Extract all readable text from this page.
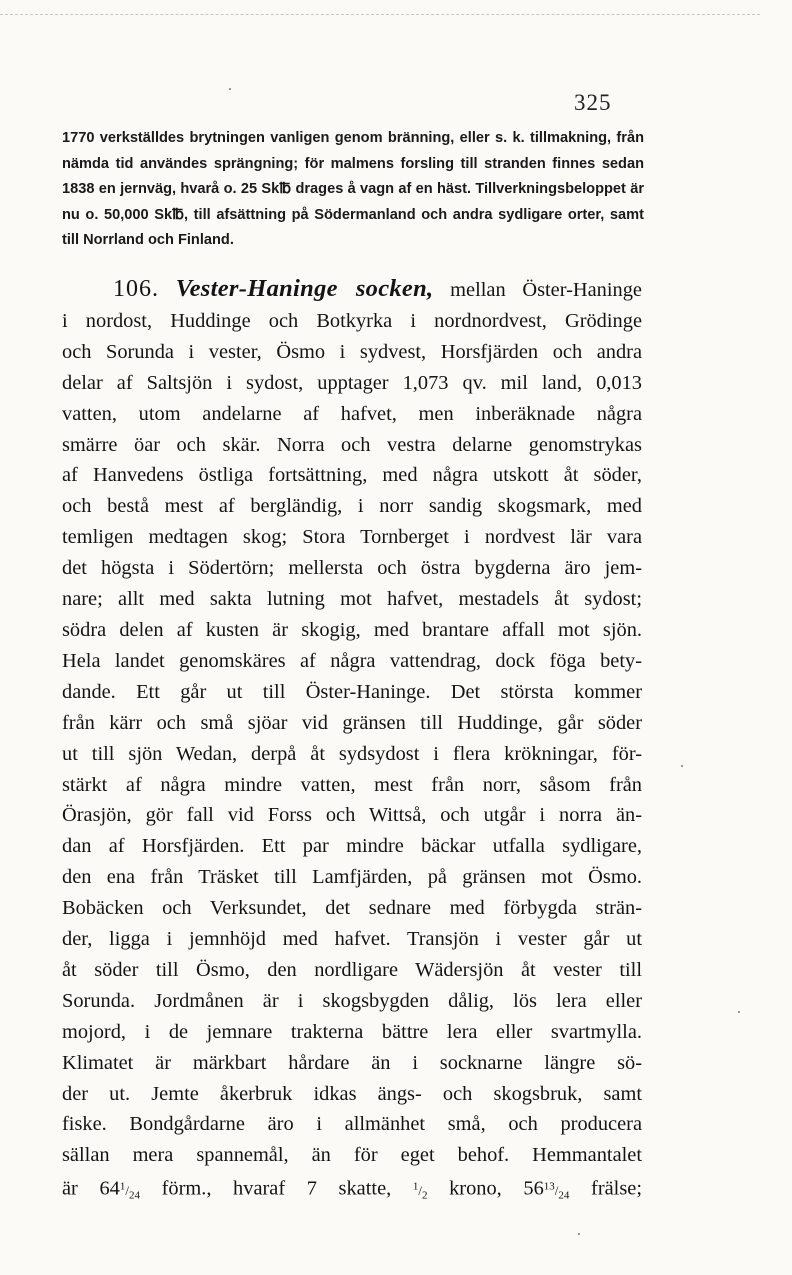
325
1770 verkställdes brytningen vanligen genom bränning, eller s. k. tillmakning, från nämda tid användes sprängning; för malmens forsling till stranden finnes sedan 1838 en jernväg, hvarå o. 25 Sk℔ drages å vagn af en häst. Tillverkningsbeloppet är nu o. 50,000 Sk℔, till afsättning på Södermanland och andra sydligare orter, samt till Norrland och Finland.
106. Vester-Haninge socken, mellan Öster-Haninge
i nordost, Huddinge och Botkyrka i nordnordvest, Grödinge
och Sorunda i vester, Ösmo i sydvest, Horsfjärden och andra
delar af Saltsjön i sydost, upptager 1,073 qv. mil land, 0,013
vatten, utom andelarne af hafvet, men inberäknade några
smärre öar och skär. Norra och vestra delarne genomstrykas
af Hanvedens östliga fortsättning, med några utskott åt söder,
och bestå mest af bergländig, i norr sandig skogsmark, med
temligen medtagen skog; Stora Tornberget i nordvest lär vara
det högsta i Södertörn; mellersta och östra bygderna äro jem-
nare; allt med sakta lutning mot hafvet, mestadels åt sydost;
södra delen af kusten är skogig, med brantare affall mot sjön.
Hela landet genomskäres af några vattendrag, dock föga bety-
dande. Ett går ut till Öster-Haninge. Det största kommer
från kärr och små sjöar vid gränsen till Huddinge, går söder
ut till sjön Wedan, derpå åt sydsydost i flera krökningar, för-
stärkt af några mindre vatten, mest från norr, såsom från
Örasjön, gör fall vid Forss och Wittså, och utgår i norra än-
dan af Horsfjärden. Ett par mindre bäckar utfalla sydligare,
den ena från Träsket till Lamfjärden, på gränsen mot Ösmo.
Bobäcken och Verksundet, det sednare med förbygda strän-
der, ligga i jemnhöjd med hafvet. Transjön i vester går ut
åt söder till Ösmo, den nordligare Wädersjön åt vester till
Sorunda. Jordmånen är i skogsbygden dålig, lös lera eller
mojord, i de jemnare trakterna bättre lera eller svartmylla.
Klimatet är märkbart hårdare än i socknarne längre sö-
der ut. Jemte åkerbruk idkas ängs- och skogsbruk, samt
fiske. Bondgårdarne äro i allmänhet små, och producera
sällan mera spannemål, än för eget behof. Hemmantalet
är $64^1/_{24}$ förm., hvaraf 7 skatte, $^1/_2$ krono, $56^{13}/_{24}$ frälse;
